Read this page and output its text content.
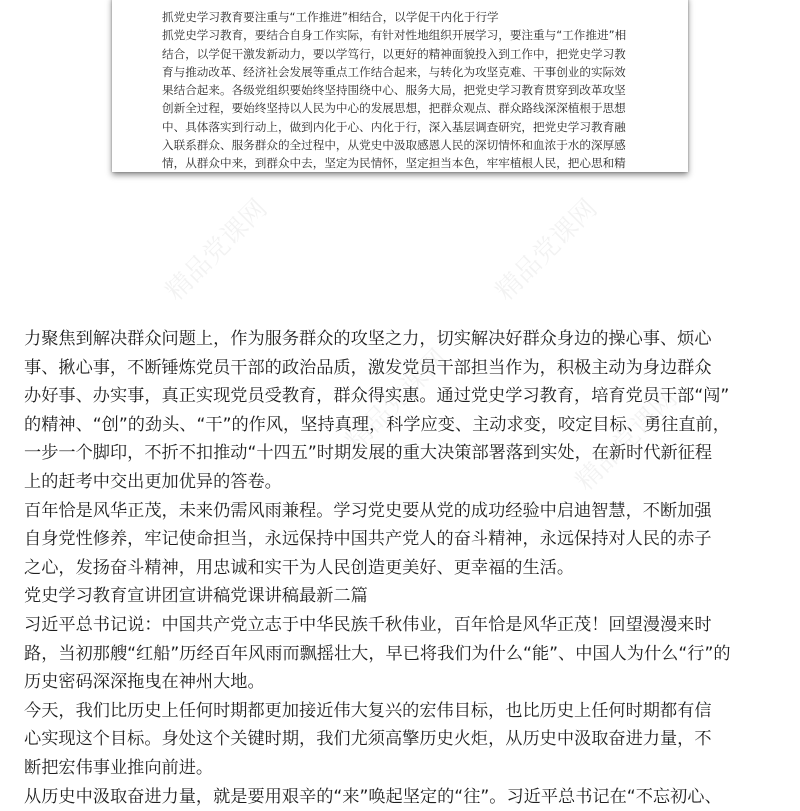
精品党课网	精品党课网
精品党课网	精品党课网
抓党史学习教育要注重与“工作推进”相结合，以学促干内化于行学
抓党史学习教育，要结合自身工作实际，有针对性地组织开展学习，要注重与“工作推进”相
结合，以学促干激发新动力，要以学笃行，以更好的精神面貌投入到工作中，把党史学习教
育与推动改革、经济社会发展等重点工作结合起来，与转化为攻坚克难、干事创业的实际效
果结合起来。各级党组织要始终坚持围绕中心、服务大局，把党史学习教育贯穿到改革攻坚
创新全过程，要始终坚持以人民为中心的发展思想，把群众观点、群众路线深深植根于思想
中、具体落实到行动上，做到内化于心、内化于行，深入基层调查研究，把党史学习教育融
入联系群众、服务群众的全过程中，从党史中汲取感恩人民的深切情怀和血浓于水的深厚感
情，从群众中来，到群众中去，坚定为民情怀，坚定担当本色，牢牢植根人民，把心思和精
力聚焦到解决群众问题上，作为服务群众的攻坚之力，切实解决好群众身边的操心事、烦心
事、揪心事，不断锤炼党员干部的政治品质，激发党员干部担当作为，积极主动为身边群众
办好事、办实事，真正实现党员受教育，群众得实惠。通过党史学习教育，培育党员干部“闯”
的精神、“创”的劲头、“干”的作风，坚持真理，科学应变、主动求变，咬定目标、勇往直前，
一步一个脚印，不折不扣推动“十四五”时期发展的重大决策部署落到实处，在新时代新征程
上的赶考中交出更加优异的答卷。
百年恰是风华正茂，未来仍需风雨兼程。学习党史要从党的成功经验中启迪智慧，不断加强
自身党性修养，牢记使命担当，永远保持中国共产党人的奋斗精神，永远保持对人民的赤子
之心，发扬奋斗精神，用忠诚和实干为人民创造更美好、更幸福的生活。
党史学习教育宣讲团宣讲稿党课讲稿最新二篇
习近平总书记说：中国共产党立志于中华民族千秋伟业，百年恰是风华正茂！回望漫漫来时
路，当初那艘“红船”历经百年风雨而飘摇壮大，早已将我们为什么“能”、中国人为什么“行”的
历史密码深深拖曳在神州大地。
今天，我们比历史上任何时期都更加接近伟大复兴的宏伟目标，也比历史上任何时期都有信
心实现这个目标。身处这个关键时期，我们尤须高擎历史火炬，从历史中汲取奋进力量，不
断把宏伟事业推向前进。
从历史中汲取奋进力量，就是要用艰辛的“来”唤起坚定的“往”。习近平总书记在“不忘初心、
